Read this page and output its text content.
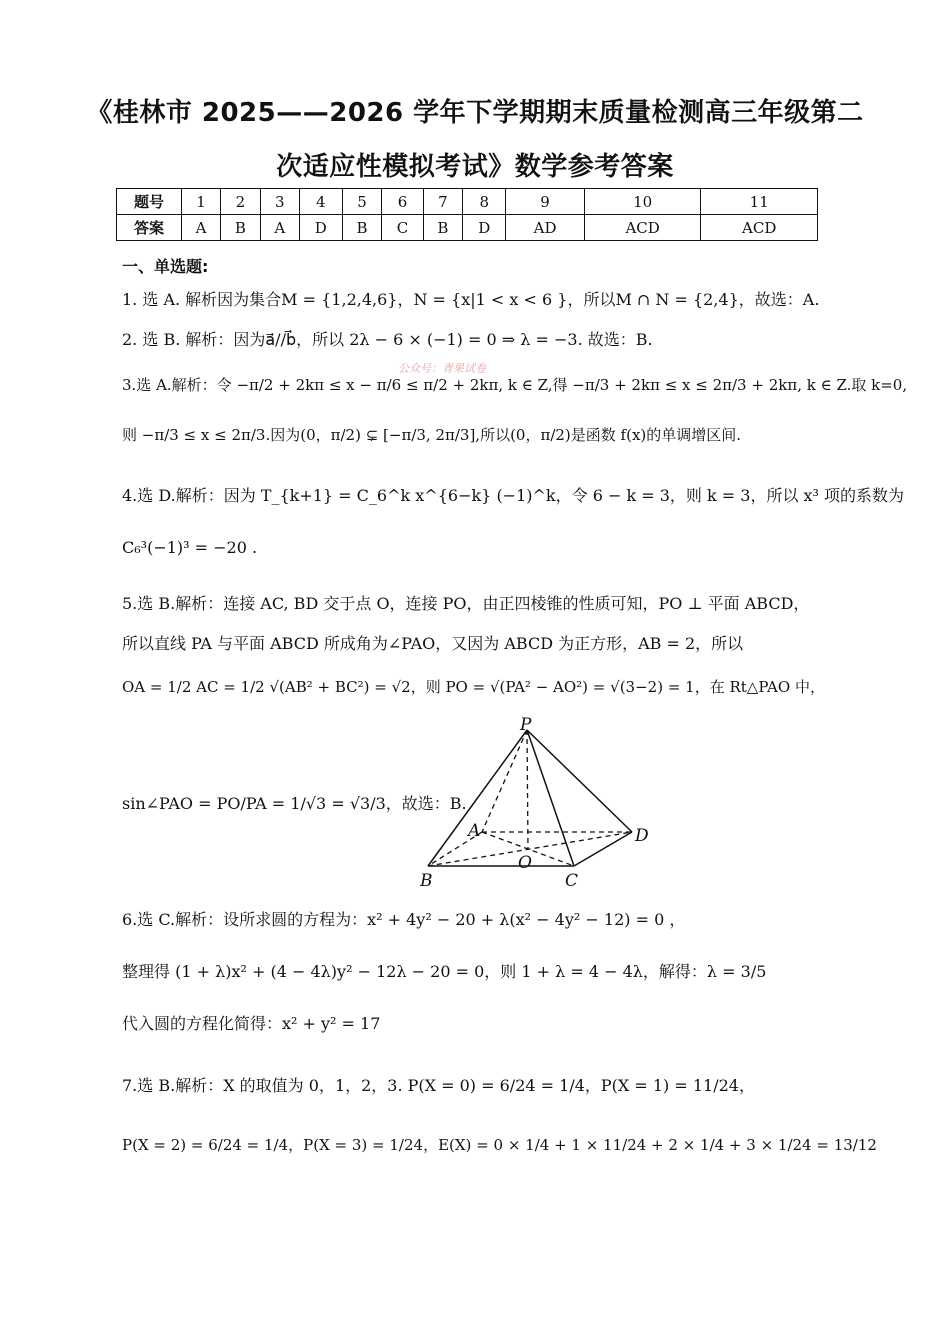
《桂林市 2025——2026 学年下学期期末质量检测高三年级第二
次适应性模拟考试》数学参考答案
题号	1	2	3	4	5	6	7	8	9	10	11
答案	A	B	A	D	B	C	B	D	AD	ACD	ACD
一、单选题:
1. 选 A. 解析因为集合M = {1,2,4,6}，N = {x|1 < x < 6 }，所以M ∩ N = {2,4}，故选：A.
2. 选 B. 解析：因为a⃗//b⃗，所以 2λ − 6 × (−1) = 0 ⇒ λ = −3. 故选：B.
公众号：青果试卷
3.选 A.解析：令 −π/2 + 2kπ ≤ x − π/6 ≤ π/2 + 2kπ, k ∈ Z,得 −π/3 + 2kπ ≤ x ≤ 2π/3 + 2kπ, k ∈ Z.取 k=0,
则 −π/3 ≤ x ≤ 2π/3.因为(0，π/2) ⊊ [−π/3, 2π/3],所以(0，π/2)是函数 f(x)的单调增区间.
4.选 D.解析：因为 T_{k+1} = C_6^k x^{6−k} (−1)^k，令 6 − k = 3，则 k = 3，所以 x³ 项的系数为
C₆³(−1)³ = −20 .
5.选 B.解析：连接 AC, BD 交于点 O，连接 PO，由正四棱锥的性质可知，PO ⊥ 平面 ABCD，
所以直线 PA 与平面 ABCD 所成角为∠PAO，又因为 ABCD 为正方形，AB = 2，所以
OA = 1/2 AC = 1/2 √(AB² + BC²) = √2，则 PO = √(PA² − AO²) = √(3−2) = 1，在 Rt△PAO 中，
sin∠PAO = PO/PA = 1/√3 = √3/3，故选：B.
P
A
B	C
D
O
6.选 C.解析：设所求圆的方程为：x² + 4y² − 20 + λ(x² − 4y² − 12) = 0 ，
整理得 (1 + λ)x² + (4 − 4λ)y² − 12λ − 20 = 0，则 1 + λ = 4 − 4λ，解得：λ = 3/5
代入圆的方程化简得：x² + y² = 17
7.选 B.解析：X 的取值为 0，1，2，3. P(X = 0) = 6/24 = 1/4，P(X = 1) = 11/24，
P(X = 2) = 6/24 = 1/4，P(X = 3) = 1/24，E(X) = 0 × 1/4 + 1 × 11/24 + 2 × 1/4 + 3 × 1/24 = 13/12
